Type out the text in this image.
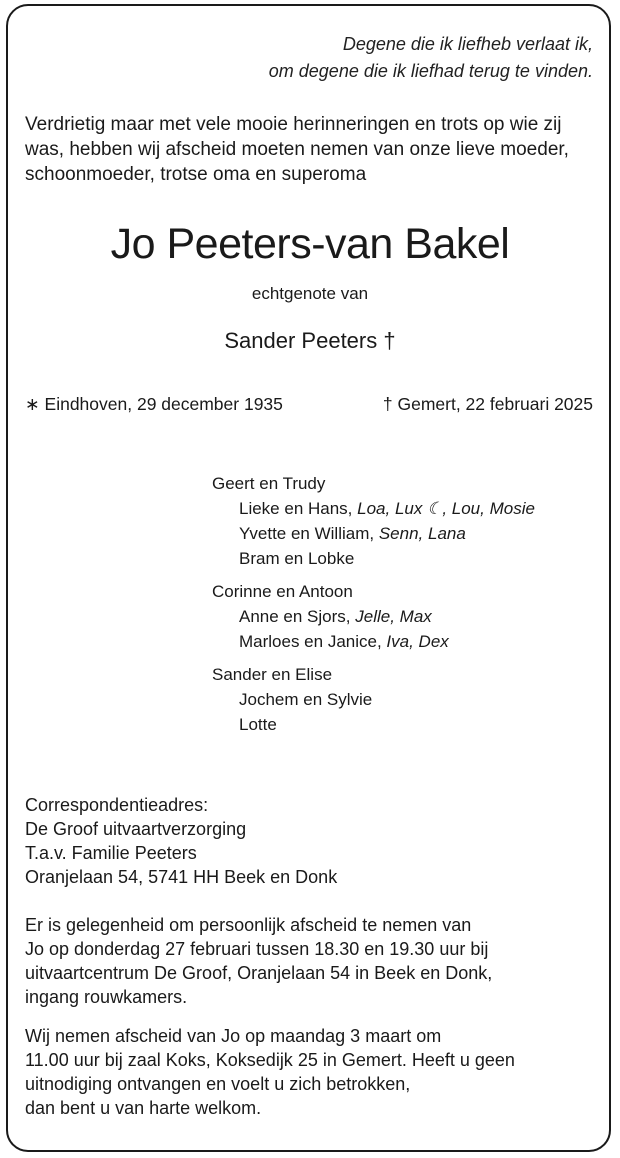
Degene die ik liefheb verlaat ik,
om degene die ik liefhad terug te vinden.
Verdrietig maar met vele mooie herinneringen en trots op wie zij was, hebben wij afscheid moeten nemen van onze lieve moeder, schoonmoeder, trotse oma en superoma
Jo Peeters-van Bakel
echtgenote van
Sander Peeters †
∗ Eindhoven, 29 december 1935	† Gemert, 22 februari 2025
Geert en Trudy
Lieke en Hans, Loa, Lux ☾, Lou, Mosie
Yvette en William, Senn, Lana
Bram en Lobke
Corinne en Antoon
Anne en Sjors, Jelle, Max
Marloes en Janice, Iva, Dex
Sander en Elise
Jochem en Sylvie
Lotte
Correspondentieadres:
De Groof uitvaartverzorging
T.a.v. Familie Peeters
Oranjelaan 54, 5741 HH Beek en Donk
Er is gelegenheid om persoonlijk afscheid te nemen van
Jo op donderdag 27 februari tussen 18.30 en 19.30 uur bij
uitvaartcentrum De Groof, Oranjelaan 54 in Beek en Donk,
ingang rouwkamers.
Wij nemen afscheid van Jo op maandag 3 maart om
11.00 uur bij zaal Koks, Koksedijk 25 in Gemert. Heeft u geen
uitnodiging ontvangen en voelt u zich betrokken,
dan bent u van harte welkom.
